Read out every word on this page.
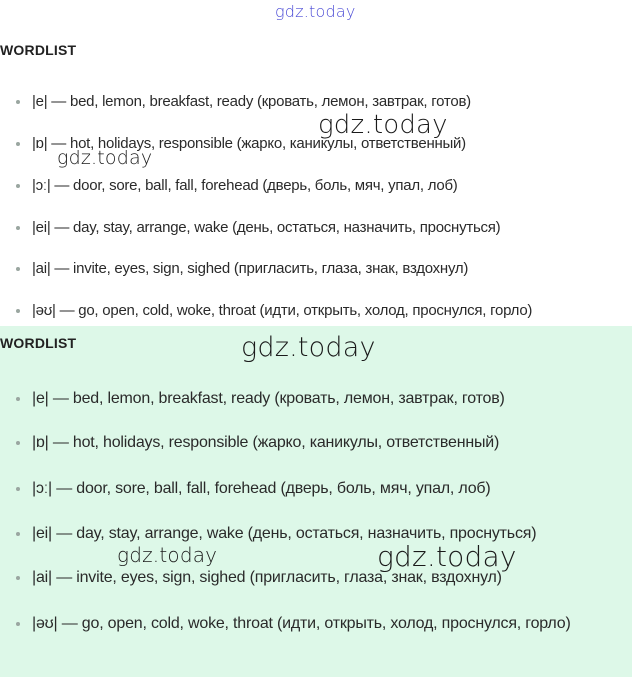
WORDLIST
|e| — bed, lemon, breakfast, ready (кровать, лемон, завтрак, готов)
|ɒ| — hot, holidays, responsible (жарко, каникулы, ответственный)
|ɔː| — door, sore, ball, fall, forehead (дверь, боль, мяч, упал, лоб)
|ei| — day, stay, arrange, wake (день, остаться, назначить, проснуться)
|ai| — invite, eyes, sign, sighed (пригласить, глаза, знак, вздохнул)
|əʊ| — go, open, cold, woke, throat (идти, открыть, холод, проснулся, горло)
WORDLIST
|e| — bed, lemon, breakfast, ready (кровать, лемон, завтрак, готов)
|ɒ| — hot, holidays, responsible (жарко, каникулы, ответственный)
|ɔː| — door, sore, ball, fall, forehead (дверь, боль, мяч, упал, лоб)
|ei| — day, stay, arrange, wake (день, остаться, назначить, проснуться)
|ai| — invite, eyes, sign, sighed (пригласить, глаза, знак, вздохнул)
|əʊ| — go, open, cold, woke, throat (идти, открыть, холод, проснулся, горло)
gdz.today
gdz.today
gdz.today
gdz.today
gdz.today	gdz.today
